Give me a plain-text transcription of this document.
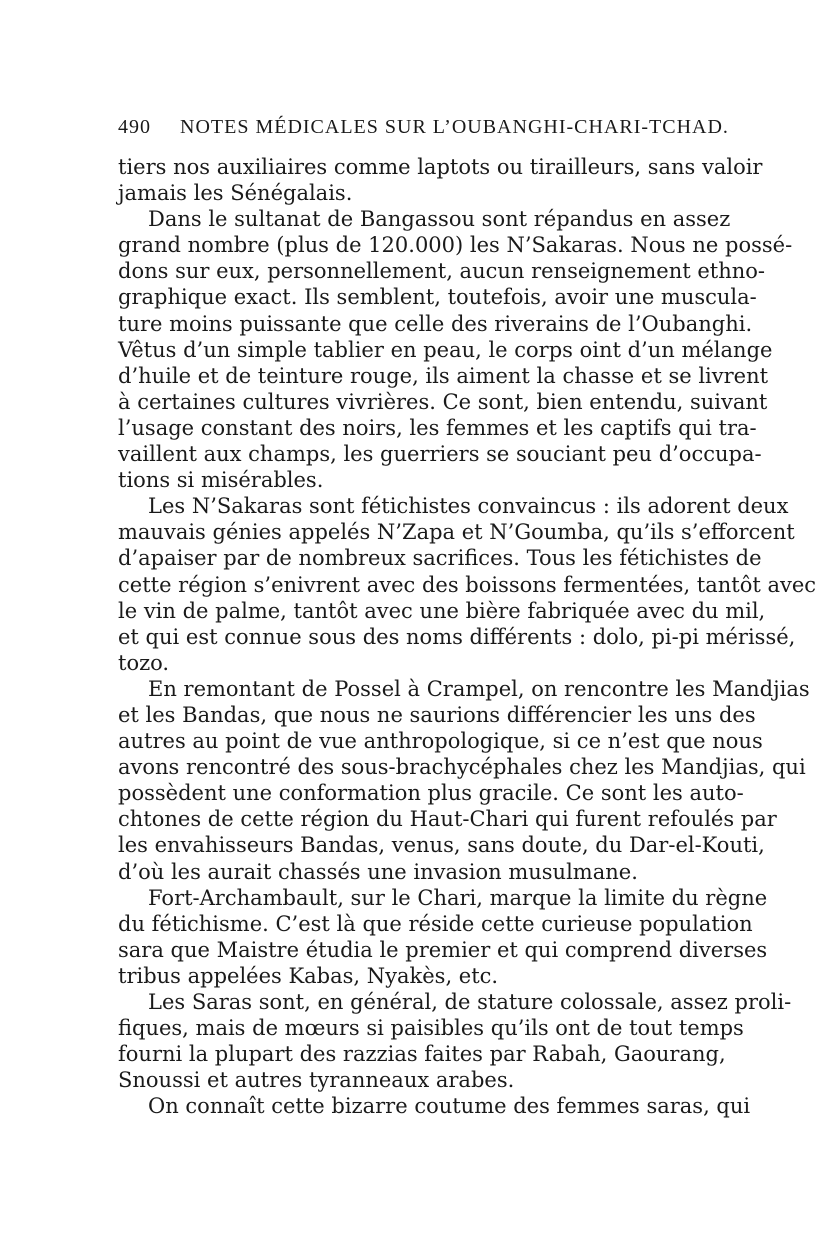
490 NOTES MÉDICALES SUR L’OUBANGHI-CHARI-TCHAD.
tiers nos auxiliaires comme laptots ou tirailleurs, sans valoir
jamais les Sénégalais.
Dans le sultanat de Bangassou sont répandus en assez
grand nombre (plus de 120.000) les N’Sakaras. Nous ne possé-
dons sur eux, personnellement, aucun renseignement ethno-
graphique exact. Ils semblent, toutefois, avoir une muscula-
ture moins puissante que celle des riverains de l’Oubanghi.
Vêtus d’un simple tablier en peau, le corps oint d’un mélange
d’huile et de teinture rouge, ils aiment la chasse et se livrent
à certaines cultures vivrières. Ce sont, bien entendu, suivant
l’usage constant des noirs, les femmes et les captifs qui tra-
vaillent aux champs, les guerriers se souciant peu d’occupa-
tions si misérables.
Les N’Sakaras sont fétichistes convaincus : ils adorent deux
mauvais génies appelés N’Zapa et N’Goumba, qu’ils s’efforcent
d’apaiser par de nombreux sacrifices. Tous les fétichistes de
cette région s’enivrent avec des boissons fermentées, tantôt avec
le vin de palme, tantôt avec une bière fabriquée avec du mil,
et qui est connue sous des noms différents : dolo, pi-pi mérissé,
tozo.
En remontant de Possel à Crampel, on rencontre les Mandjias
et les Bandas, que nous ne saurions différencier les uns des
autres au point de vue anthropologique, si ce n’est que nous
avons rencontré des sous-brachycéphales chez les Mandjias, qui
possèdent une conformation plus gracile. Ce sont les auto-
chtones de cette région du Haut-Chari qui furent refoulés par
les envahisseurs Bandas, venus, sans doute, du Dar-el-Kouti,
d’où les aurait chassés une invasion musulmane.
Fort-Archambault, sur le Chari, marque la limite du règne
du fétichisme. C’est là que réside cette curieuse population
sara que Maistre étudia le premier et qui comprend diverses
tribus appelées Kabas, Nyakès, etc.
Les Saras sont, en général, de stature colossale, assez proli-
fiques, mais de mœurs si paisibles qu’ils ont de tout temps
fourni la plupart des razzias faites par Rabah, Gaourang,
Snoussi et autres tyranneaux arabes.
On connaît cette bizarre coutume des femmes saras, qui
